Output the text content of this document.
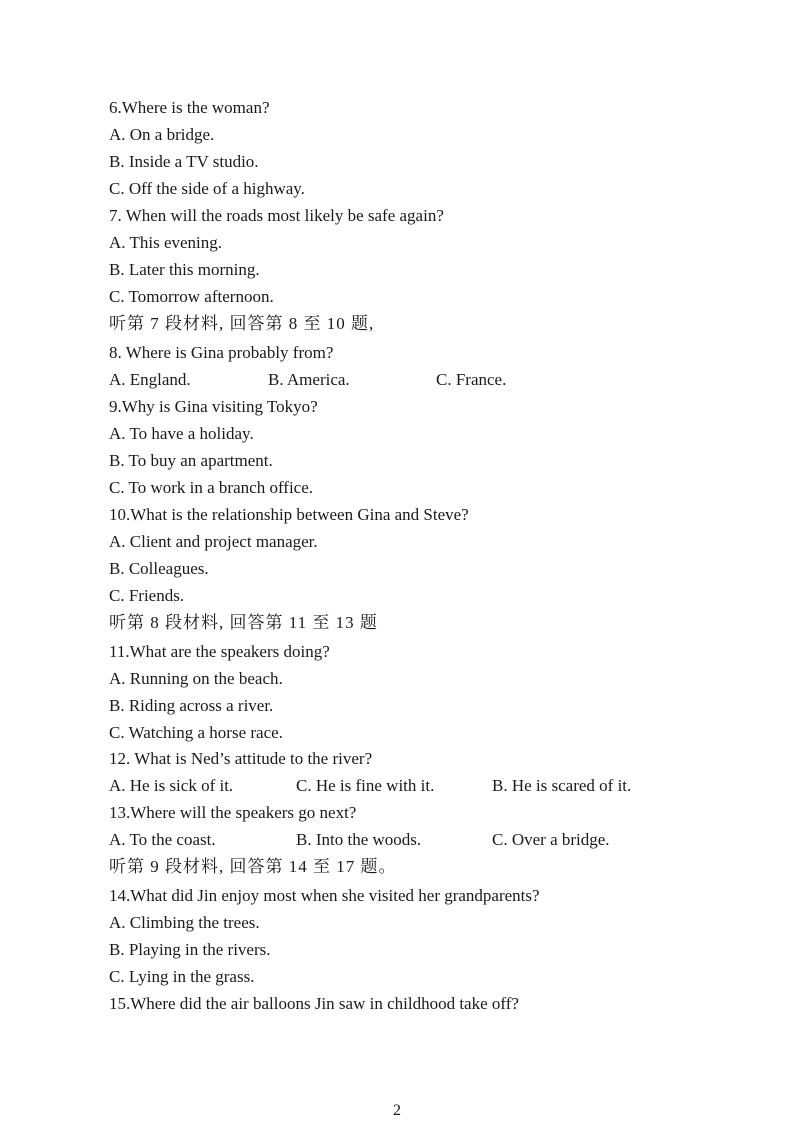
6.Where is the woman?
A. On a bridge.
B. Inside a TV studio.
C. Off the side of a highway.
7. When will the roads most likely be safe again?
A. This evening.
B. Later this morning.
C. Tomorrow afternoon.
听第 7 段材料, 回答第 8 至 10 题,
8. Where is Gina probably from?
A. England.	B. America.	C. France.
9.Why is Gina visiting Tokyo?
A. To have a holiday.
B. To buy an apartment.
C. To work in a branch office.
10.What is the relationship between Gina and Steve?
A. Client and project manager.
B. Colleagues.
C. Friends.
听第 8 段材料, 回答第 11 至 13 题
11.What are the speakers doing?
A. Running on the beach.
B. Riding across a river.
C. Watching a horse race.
12. What is Ned’s attitude to the river?
A. He is sick of it.	C. He is fine with it.	B. He is scared of it.
13.Where will the speakers go next?
A. To the coast.	B. Into the woods.	C. Over a bridge.
听第 9 段材料, 回答第 14 至 17 题。
14.What did Jin enjoy most when she visited her grandparents?
A. Climbing the trees.
B. Playing in the rivers.
C. Lying in the grass.
15.Where did the air balloons Jin saw in childhood take off?
2
